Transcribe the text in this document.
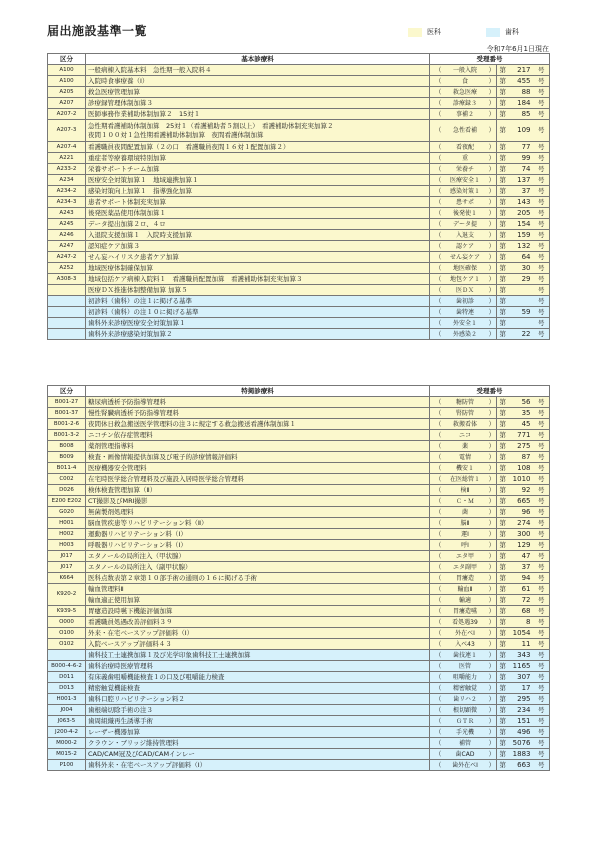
届出施設基準一覧	医科	歯科
令和7年6月1日現在
区分	基本診療料	受理番号					
A100	一般病棟入院基本料　急性期一般入院料４	（	一般入院	）	第	217	号
A100	入院時食事療養（Ⅰ）	（	食	）	第	455	号
A205	救急医療管理加算	（	救急医療	）	第	88	号
A207	診療録管理体制加算３	（	診療録３	）	第	184	号
A207-2	医師事務作業補助体制加算２　15対１	（	事補２	）	第	85	号
A207-3	急性期看護補助体制加算　25対１（看護補助者５割以上）　看護補助体制充実加算２
夜間１００対１急性期看護補助体制加算　夜間看護体制加算	（	急性看補	）	第	109	号
A207-4	看護職員夜間配置加算（２の口　看護職員夜間１６対１配置加算２）	（	看夜配	）	第	77	号
A221	重症者等療養環境特別加算	（	重	）	第	99	号
A233-2	栄養サポートチーム加算	（	栄養チ	）	第	74	号
A234	医療安全対策加算１　地域連携加算１	（	医療安全１	）	第	137	号
A234-2	感染対策向上加算１　指導強化加算	（	感染対策１	）	第	37	号
A234-3	患者サポート体制充実加算	（	患サポ	）	第	143	号
A243	後発医薬品使用体制加算１	（	後発使１	）	第	205	号
A245	データ提出加算２ロ、４ロ	（	データ提	）	第	154	号
A246	入退院支援加算１　入院時支援加算	（	入退支	）	第	159	号
A247	認知症ケア加算３	（	認ケア	）	第	132	号
A247-2	せん妄ハイリスク患者ケア加算	（	せん妄ケア	）	第	64	号
A252	地域医療体制確保加算	（	地医確保	）	第	30	号
A308-3	地域包括ケア病棟入院料１　看護職員配置加算　看護補助体制充実加算３	（	地包ケア１	）	第	29	号
	医療ＤＸ推進体制整備加算 加算５	（	医ＤＸ	）	第		号
	初診料（歯科）の注１に掲げる基準	（	歯初診	）	第		号
	初診料（歯科）の注１０に掲げる基準	（	歯特連	）	第	59	号
	歯科外来診療医療安全対策加算１	（	外安全１	）	第		号
	歯科外来診療感染対策加算２	（	外感染２	）	第	22	号
区分	特掲診療料	受理番号					
B001-27	糖尿病透析予防指導管理料	（	糖防管	）	第	56	号
B001-37	慢性腎臓病透析予防指導管理料	（	腎防管	）	第	35	号
B001-2-6	夜間休日救急搬送医学管理料の注３に規定する救急搬送看護体制加算１	（	救搬看体	）	第	45	号
B001-3-2	ニコチン依存症管理料	（	ニコ	）	第	771	号
B008	薬剤管理指導料	（	薬	）	第	275	号
B009	検査・画像情報提供加算及び電子的診療情報評価料	（	電情	）	第	87	号
B011-4	医療機器安全管理料	（	機安１	）	第	108	号
C002	在宅時医学総合管理料及び施設入居時医学総合管理料	（	在医総管１	）	第	1010	号
D026	検体検査管理加算（Ⅱ）	（	検Ⅱ	）	第	92	号
E200 E202	CT撮影及びMRI撮影	（	Ｃ・Ｍ	）	第	665	号
G020	無菌製剤処理料	（	菌	）	第	96	号
H001	脳血管疾患等リハビリテーション料（Ⅱ）	（	脳Ⅱ	）	第	274	号
H002	運動器リハビリテーション料（Ⅰ）	（	運Ⅰ	）	第	300	号
H003	呼吸器リハビリテーション料（Ⅰ）	（	呼Ⅰ	）	第	129	号
J017	エタノールの局所注入（甲状腺）	（	エタ甲	）	第	47	号
J017	エタノールの局所注入（副甲状腺）	（	エタ副甲	）	第	37	号
K664	医科点数表第２章第１０部手術の通則の１６に掲げる手術	（	胃瘻造	）	第	94	号
K920-2	輸血管理料Ⅱ	（	輸血Ⅱ	）	第	61	号
	輸血適正使用加算	（	輸適	）	第	72	号
K939-5	胃瘻造設時嚥下機能評価加算	（	胃瘻造嚥	）	第	68	号
O000	看護職員処遇改善評価料３９	（	看処遇39	）	第	8	号
O100	外来・在宅ベースアップ評価料（Ⅰ）	（	外在ベⅠ	）	第	1054	号
O102	入院ベースアップ評価料４３	（	入ベ43	）	第	11	号
	歯科技工士連携加算１及び光学印象歯科技工士連携加算	（	歯技連１	）	第	343	号
B000-4-6-2	歯科治療時医療管理料	（	医管	）	第	1165	号
D011	有床義歯咀嚼機能検査１の口及び咀嚼能力検査	（	咀嚼能力	）	第	307	号
D013	精密触覚機能検査	（	精密触覚	）	第	17	号
H001-3	歯科口腔リハビリテーション料２	（	歯リハ２	）	第	295	号
J004	歯根端切除手術の注３	（	根切顕微	）	第	234	号
J063-5	歯周組織再生誘導手術	（	ＧＴＲ	）	第	151	号
J200-4-2	レーザー機器加算	（	手光機	）	第	496	号
M000-2	クラウン・ブリッジ維持管理料	（	補管	）	第	5076	号
M015-2	CAD/CAM冠及びCAD/CAMインレー	（	歯CAD	）	第	1883	号
P100	歯科外来・在宅ベースアップ評価料（Ⅰ）	（	歯外在ベⅠ	）	第	663	号
